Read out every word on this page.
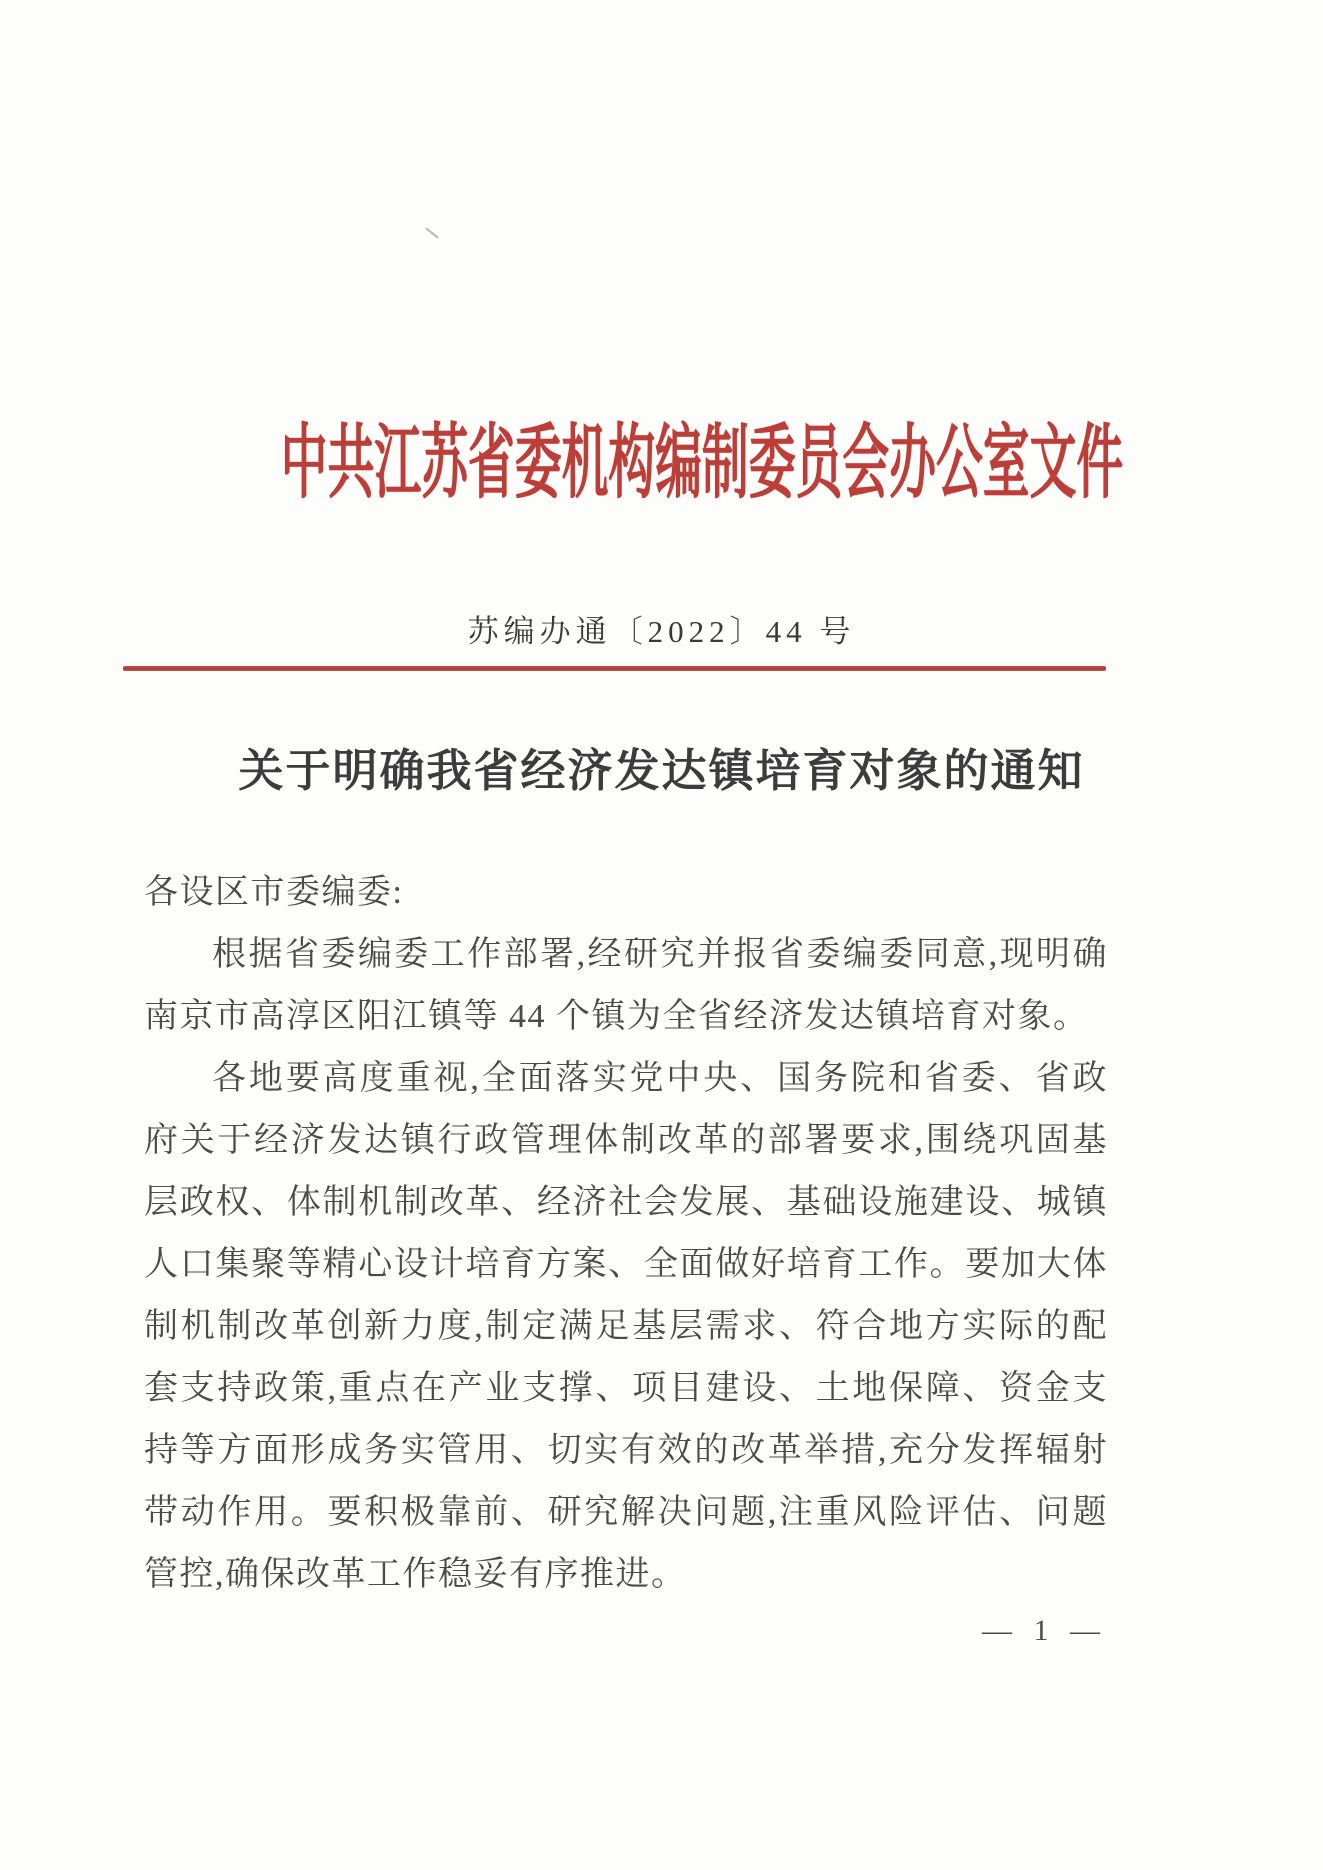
中共江苏省委机构编制委员会办公室文件
苏编办通〔2022〕44 号
关于明确我省经济发达镇培育对象的通知

各设区市委编委:

根据省委编委工作部署,经研究并报省委编委同意,现明确南京市高淳区阳江镇等 44 个镇为全省经济发达镇培育对象。

各地要高度重视,全面落实党中央、国务院和省委、省政府关于经济发达镇行政管理体制改革的部署要求,围绕巩固基层政权、体制机制改革、经济社会发展、基础设施建设、城镇人口集聚等精心设计培育方案、全面做好培育工作。要加大体制机制改革创新力度,制定满足基层需求、符合地方实际的配套支持政策,重点在产业支撑、项目建设、土地保障、资金支持等方面形成务实管用、切实有效的改革举措,充分发挥辐射带动作用。要积极靠前、研究解决问题,注重风险评估、问题管控,确保改革工作稳妥有序推进。

— 1 —
